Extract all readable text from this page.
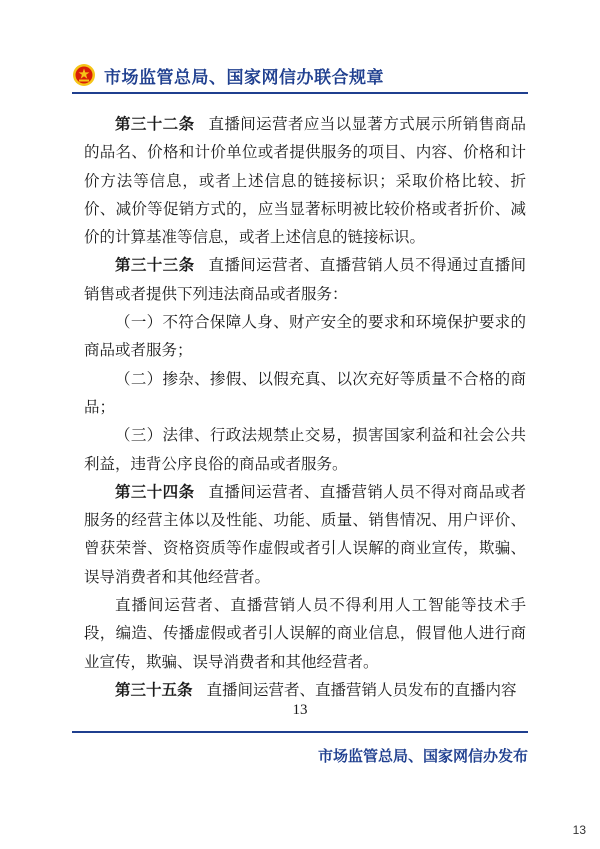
市场监管总局、国家网信办联合规章

第三十二条 直播间运营者应当以显著方式展示所销售商品的品名、价格和计价单位或者提供服务的项目、内容、价格和计价方法等信息，或者上述信息的链接标识；采取价格比较、折价、减价等促销方式的，应当显著标明被比较价格或者折价、减价的计算基准等信息，或者上述信息的链接标识。

第三十三条 直播间运营者、直播营销人员不得通过直播间销售或者提供下列违法商品或者服务：

（一）不符合保障人身、财产安全的要求和环境保护要求的商品或者服务；

（二）掺杂、掺假、以假充真、以次充好等质量不合格的商品；

（三）法律、行政法规禁止交易，损害国家利益和社会公共利益，违背公序良俗的商品或者服务。

第三十四条 直播间运营者、直播营销人员不得对商品或者服务的经营主体以及性能、功能、质量、销售情况、用户评价、曾获荣誉、资格资质等作虚假或者引人误解的商业宣传，欺骗、误导消费者和其他经营者。

直播间运营者、直播营销人员不得利用人工智能等技术手段，编造、传播虚假或者引人误解的商业信息，假冒他人进行商业宣传，欺骗、误导消费者和其他经营者。

第三十五条 直播间运营者、直播营销人员发布的直播内容

13
市场监管总局、国家网信办发布
13
